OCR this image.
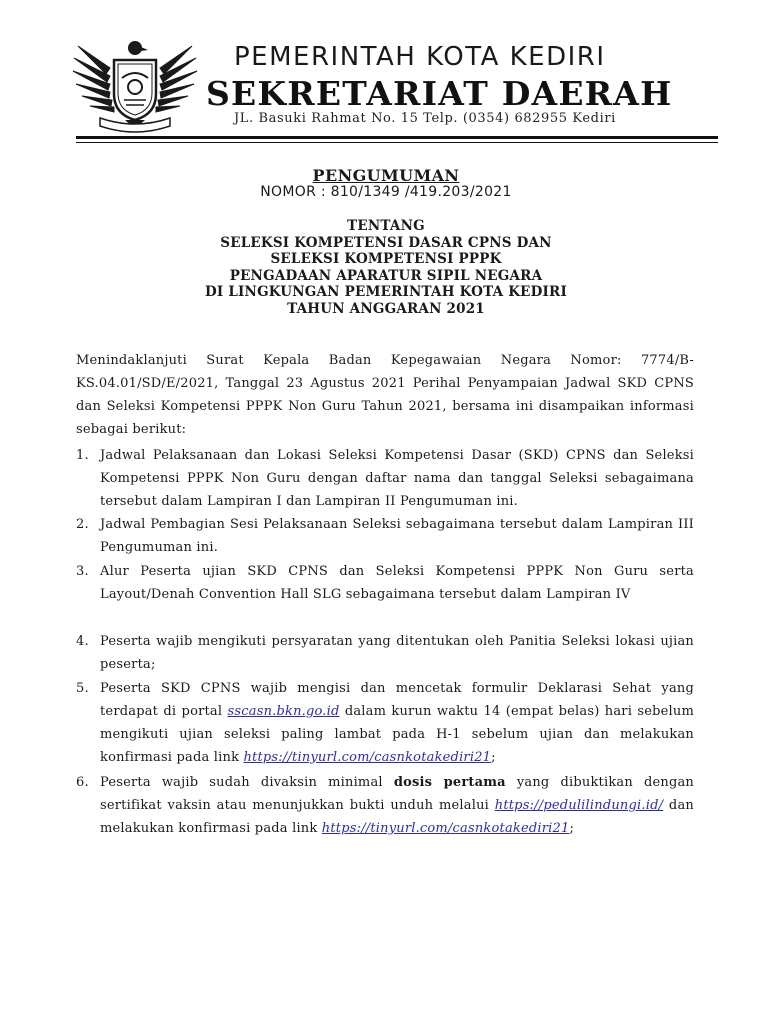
PEMERINTAH KOTA KEDIRI
SEKRETARIAT DAERAH
JL. Basuki Rahmat No. 15 Telp. (0354) 682955 Kediri
PENGUMUMAN
NOMOR : 810/1349 /419.203/2021
TENTANG
SELEKSI KOMPETENSI DASAR CPNS DAN
SELEKSI KOMPETENSI PPPK
PENGADAAN APARATUR SIPIL NEGARA
DI LINGKUNGAN PEMERINTAH KOTA KEDIRI
TAHUN ANGGARAN 2021
Menindaklanjuti Surat Kepala Badan Kepegawaian Negara Nomor: 7774/B-KS.04.01/SD/E/2021, Tanggal 23 Agustus 2021 Perihal Penyampaian Jadwal SKD CPNS dan Seleksi Kompetensi PPPK Non Guru Tahun 2021, bersama ini disampaikan informasi sebagai berikut:
1. Jadwal Pelaksanaan dan Lokasi Seleksi Kompetensi Dasar (SKD) CPNS dan Seleksi Kompetensi PPPK Non Guru dengan daftar nama dan tanggal Seleksi sebagaimana tersebut dalam Lampiran I dan Lampiran II Pengumuman ini.
2. Jadwal Pembagian Sesi Pelaksanaan Seleksi sebagaimana tersebut dalam Lampiran III Pengumuman ini.
3. Alur Peserta ujian SKD CPNS dan Seleksi Kompetensi PPPK Non Guru serta Layout/Denah Convention Hall SLG sebagaimana tersebut dalam Lampiran IV
4. Peserta wajib mengikuti persyaratan yang ditentukan oleh Panitia Seleksi lokasi ujian peserta;
5. Peserta SKD CPNS wajib mengisi dan mencetak formulir Deklarasi Sehat yang terdapat di portal sscasn.bkn.go.id dalam kurun waktu 14 (empat belas) hari sebelum mengikuti ujian seleksi paling lambat pada H-1 sebelum ujian dan melakukan konfirmasi pada link https://tinyurl.com/casnkotakediri21;
6. Peserta wajib sudah divaksin minimal dosis pertama yang dibuktikan dengan sertifikat vaksin atau menunjukkan bukti unduh melalui https://pedulilindungi.id/ dan melakukan konfirmasi pada link https://tinyurl.com/casnkotakediri21;
